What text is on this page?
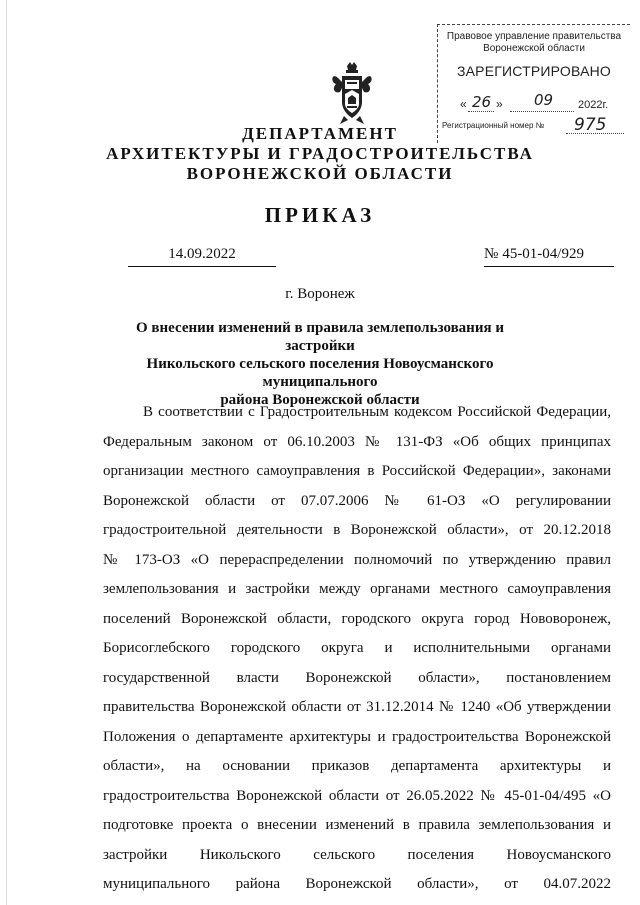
Правовое управление правительства
Воронежской области
ЗАРЕГИСТРИРОВАНО
« 26 » 09 2022г.
Регистрационный номер № 975
ДЕПАРТАМЕНТ
АРХИТЕКТУРЫ И ГРАДОСТРОИТЕЛЬСТВА
ВОРОНЕЖСКОЙ ОБЛАСТИ
ПРИКАЗ
14.09.2022	№ 45-01-04/929
г. Воронеж
О внесении изменений в правила землепользования и застройки
Никольского сельского поселения Новоусманского муниципального
района Воронежской области
В соответствии с Градостроительным кодексом Российской Федерации,
Федеральным законом от 06.10.2003 № 131-ФЗ «Об общих принципах
организации местного самоуправления в Российской Федерации», законами
Воронежской области от 07.07.2006 № 61-ОЗ «О регулировании
градостроительной деятельности в Воронежской области», от 20.12.2018
№ 173-ОЗ «О перераспределении полномочий по утверждению правил
землепользования и застройки между органами местного самоуправления
поселений Воронежской области, городского округа город Нововоронеж,
Борисоглебского городского округа и исполнительными органами
государственной власти Воронежской области», постановлением
правительства Воронежской области от 31.12.2014 № 1240 «Об утверждении
Положения о департаменте архитектуры и градостроительства Воронежской
области», на основании приказов департамента архитектуры и
градостроительства Воронежской области от 26.05.2022 № 45-01-04/495 «О
подготовке проекта о внесении изменений в правила землепользования и
застройки Никольского сельского поселения Новоусманского
муниципального района Воронежской области», от 04.07.2022
